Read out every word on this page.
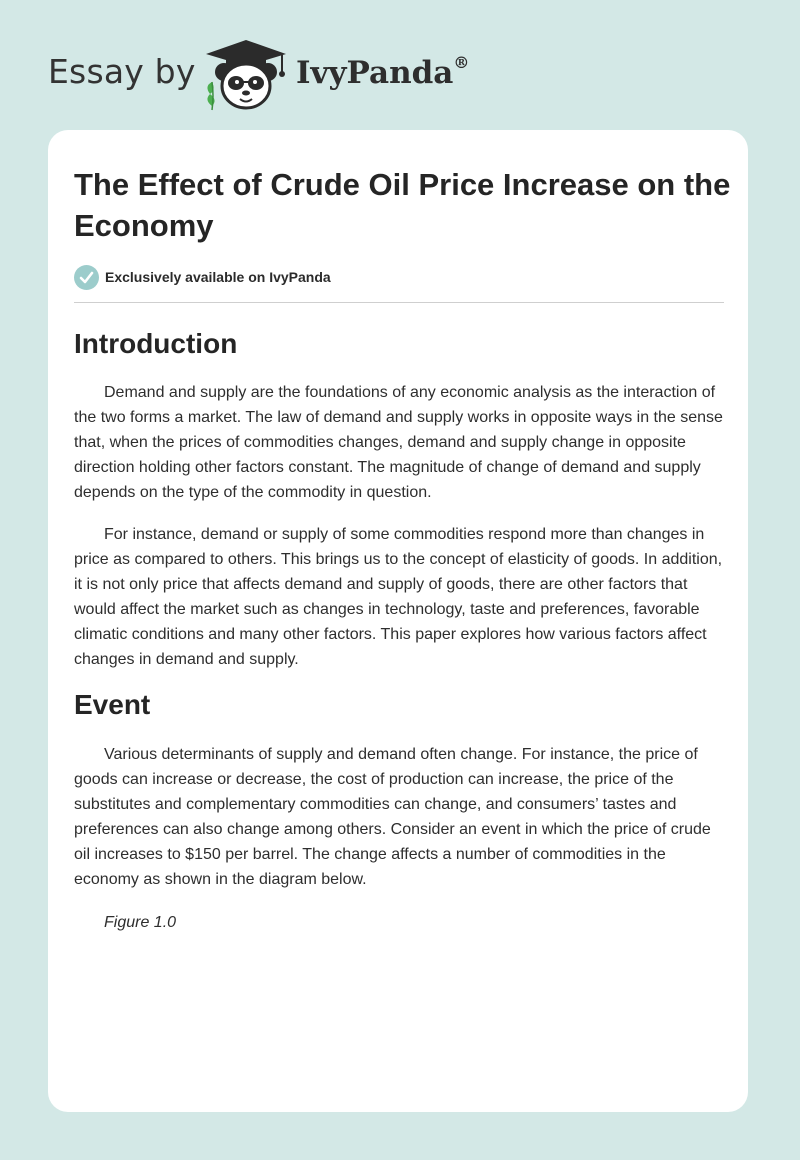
Essay by	IvyPanda®
The Effect of Crude Oil Price Increase on the Economy
Exclusively available on IvyPanda
Introduction

Demand and supply are the foundations of any economic analysis as the interaction of the two forms a market. The law of demand and supply works in opposite ways in the sense that, when the prices of commodities changes, demand and supply change in opposite direction holding other factors constant. The magnitude of change of demand and supply depends on the type of the commodity in question.

For instance, demand or supply of some commodities respond more than changes in price as compared to others. This brings us to the concept of elasticity of goods. In addition, it is not only price that affects demand and supply of goods, there are other factors that would affect the market such as changes in technology, taste and preferences, favorable climatic conditions and many other factors. This paper explores how various factors affect changes in demand and supply.

Event

Various determinants of supply and demand often change. For instance, the price of goods can increase or decrease, the cost of production can increase, the price of the substitutes and complementary commodities can change, and consumers’ tastes and preferences can also change among others. Consider an event in which the price of crude oil increases to $150 per barrel. The change affects a number of commodities in the economy as shown in the diagram below.

Figure 1.0
